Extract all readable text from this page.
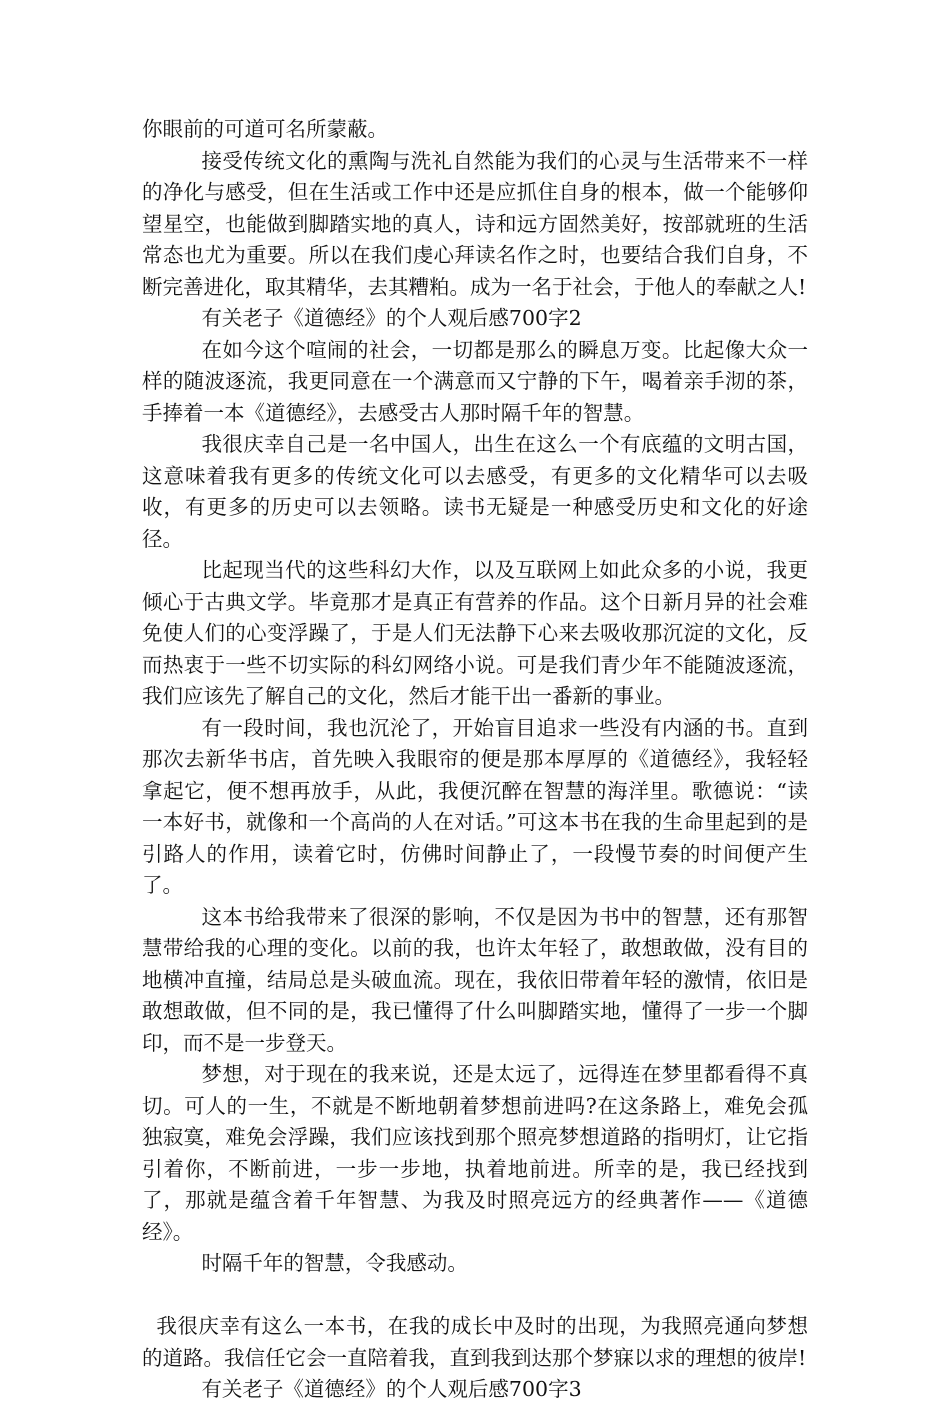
你眼前的可道可名所蒙蔽。

接受传统文化的熏陶与洗礼自然能为我们的心灵与生活带来不一样的净化与感受，但在生活或工作中还是应抓住自身的根本，做一个能够仰望星空，也能做到脚踏实地的真人，诗和远方固然美好，按部就班的生活常态也尤为重要。所以在我们虔心拜读名作之时，也要结合我们自身，不断完善进化，取其精华，去其糟粕。成为一名于社会，于他人的奉献之人!

有关老子《道德经》的个人观后感700字2

在如今这个喧闹的社会，一切都是那么的瞬息万变。比起像大众一样的随波逐流，我更同意在一个满意而又宁静的下午，喝着亲手沏的茶，手捧着一本《道德经》，去感受古人那时隔千年的智慧。

我很庆幸自己是一名中国人，出生在这么一个有底蕴的文明古国，这意味着我有更多的传统文化可以去感受，有更多的文化精华可以去吸收，有更多的历史可以去领略。读书无疑是一种感受历史和文化的好途径。

比起现当代的这些科幻大作，以及互联网上如此众多的小说，我更倾心于古典文学。毕竟那才是真正有营养的作品。这个日新月异的社会难免使人们的心变浮躁了，于是人们无法静下心来去吸收那沉淀的文化，反而热衷于一些不切实际的科幻网络小说。可是我们青少年不能随波逐流，我们应该先了解自己的文化，然后才能干出一番新的事业。

有一段时间，我也沉沦了，开始盲目追求一些没有内涵的书。直到那次去新华书店，首先映入我眼帘的便是那本厚厚的《道德经》，我轻轻拿起它，便不想再放手，从此，我便沉醉在智慧的海洋里。歌德说：“读一本好书，就像和一个高尚的人在对话。”可这本书在我的生命里起到的是引路人的作用，读着它时，仿佛时间静止了，一段慢节奏的时间便产生了。

这本书给我带来了很深的影响，不仅是因为书中的智慧，还有那智慧带给我的心理的变化。以前的我，也许太年轻了，敢想敢做，没有目的地横冲直撞，结局总是头破血流。现在，我依旧带着年轻的激情，依旧是敢想敢做，但不同的是，我已懂得了什么叫脚踏实地，懂得了一步一个脚印，而不是一步登天。

梦想，对于现在的我来说，还是太远了，远得连在梦里都看得不真切。可人的一生，不就是不断地朝着梦想前进吗?在这条路上，难免会孤独寂寞，难免会浮躁，我们应该找到那个照亮梦想道路的指明灯，让它指引着你，不断前进，一步一步地，执着地前进。所幸的是，我已经找到了，那就是蕴含着千年智慧、为我及时照亮远方的经典著作——《道德经》。

时隔千年的智慧，令我感动。

我很庆幸有这么一本书，在我的成长中及时的出现，为我照亮通向梦想的道路。我信任它会一直陪着我，直到我到达那个梦寐以求的理想的彼岸!

有关老子《道德经》的个人观后感700字3
